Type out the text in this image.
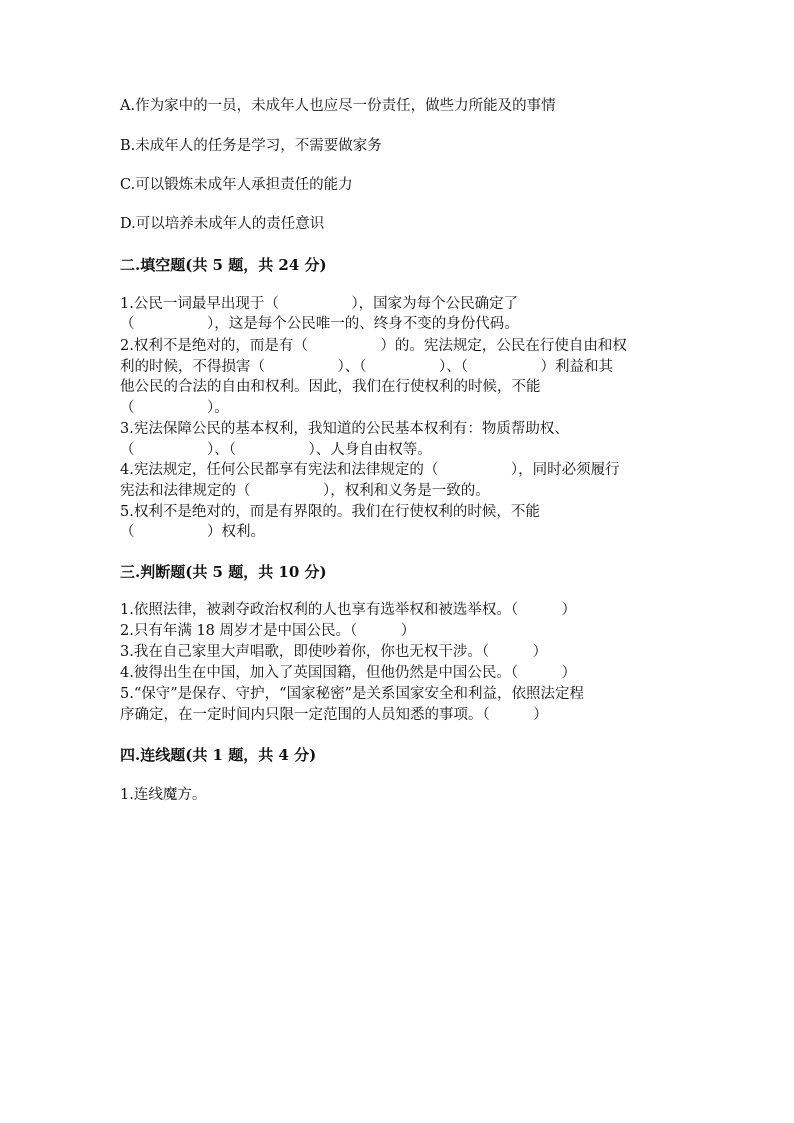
A.作为家中的一员，未成年人也应尽一份责任，做些力所能及的事情
B.未成年人的任务是学习，不需要做家务
C.可以锻炼未成年人承担责任的能力
D.可以培养未成年人的责任意识
二.填空题(共 5 题，共 24 分)
1.公民一词最早出现于（　　　　　），国家为每个公民确定了
（　　　　　），这是每个公民唯一的、终身不变的身份代码。
2.权利不是绝对的，而是有（　　　　　）的。宪法规定，公民在行使自由和权
利的时候，不得损害（　　　　　）、（　　　　　）、（　　　　　）利益和其
他公民的合法的自由和权利。因此，我们在行使权利的时候，不能
（　　　　　）。
3.宪法保障公民的基本权利，我知道的公民基本权利有：物质帮助权、
（　　　　　）、（　　　　　）、人身自由权等。
4.宪法规定，任何公民都享有宪法和法律规定的（　　　　　），同时必须履行
宪法和法律规定的（　　　　　），权利和义务是一致的。
5.权利不是绝对的，而是有界限的。我们在行使权利的时候，不能
（　　　　　）权利。
三.判断题(共 5 题，共 10 分)
1.依照法律，被剥夺政治权利的人也享有选举权和被选举权。（　　　）
2.只有年满 18 周岁才是中国公民。（　　　）
3.我在自己家里大声唱歌，即使吵着你，你也无权干涉。（　　　）
4.彼得出生在中国，加入了英国国籍，但他仍然是中国公民。（　　　）
5.“保守”是保存、守护，“国家秘密”是关系国家安全和利益，依照法定程
序确定，在一定时间内只限一定范围的人员知悉的事项。（　　　）
四.连线题(共 1 题，共 4 分)
1.连线魔方。
